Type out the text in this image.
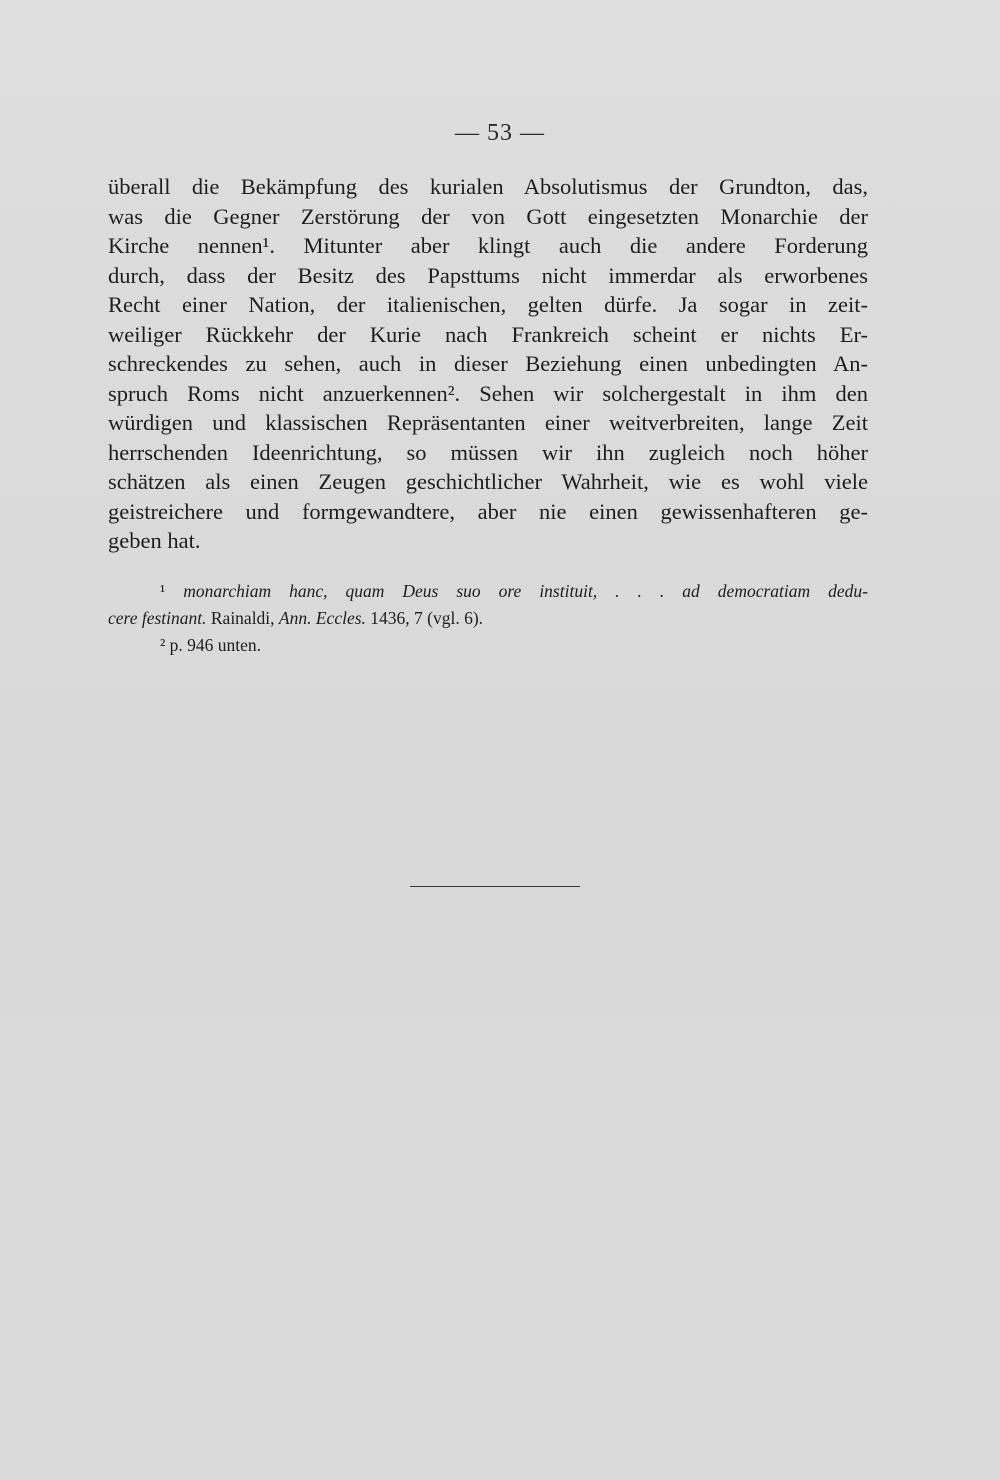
— 53 —
überall die Bekämpfung des kurialen Absolutismus der Grundton, das,
was die Gegner Zerstörung der von Gott eingesetzten Monarchie der
Kirche nennen¹. Mitunter aber klingt auch die andere Forderung
durch, dass der Besitz des Papsttums nicht immerdar als erworbenes
Recht einer Nation, der italienischen, gelten dürfe. Ja sogar in zeit-
weiliger Rückkehr der Kurie nach Frankreich scheint er nichts Er-
schreckendes zu sehen, auch in dieser Beziehung einen unbedingten An-
spruch Roms nicht anzuerkennen². Sehen wir solchergestalt in ihm den
würdigen und klassischen Repräsentanten einer weitverbreiten, lange Zeit
herrschenden Ideenrichtung, so müssen wir ihn zugleich noch höher
schätzen als einen Zeugen geschichtlicher Wahrheit, wie es wohl viele
geistreichere und formgewandtere, aber nie einen gewissenhafteren ge-
geben hat.
¹ monarchiam hanc, quam Deus suo ore instituit, . . . ad democratiam dedu-
cere festinant. Rainaldi, Ann. Eccles. 1436, 7 (vgl. 6).
² p. 946 unten.
